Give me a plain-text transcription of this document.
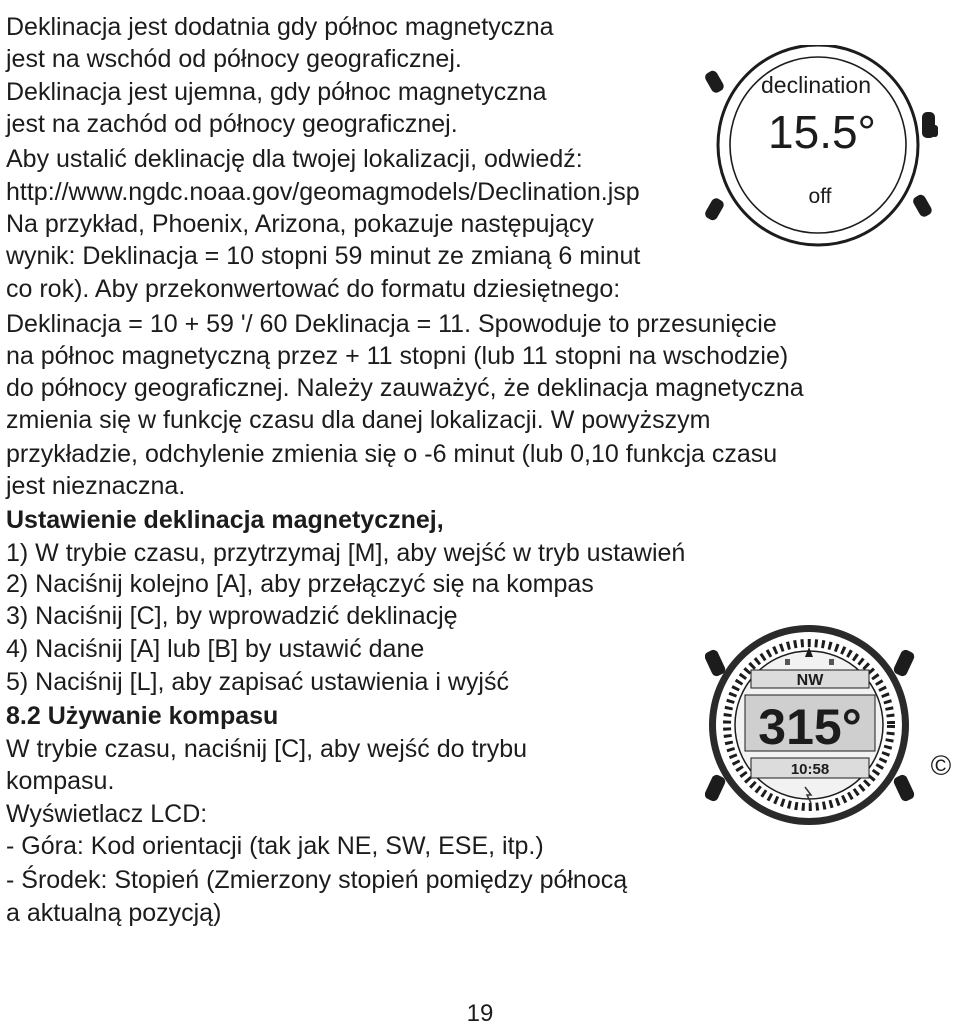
Deklinacja jest dodatnia gdy północ magnetyczna
jest na wschód od północy geograficznej.
Deklinacja jest ujemna, gdy północ magnetyczna
jest na zachód od północy geograficznej.
Aby ustalić deklinację dla twojej lokalizacji, odwiedź:
http://www.ngdc.noaa.gov/geomagmodels/Declination.jsp
Na przykład, Phoenix, Arizona, pokazuje następujący
wynik: Deklinacja = 10 stopni 59 minut ze zmianą 6 minut
co rok). Aby przekonwertować do formatu dziesiętnego:
Deklinacja = 10 + 59 '/ 60 Deklinacja = 11. Spowoduje to przesunięcie
na północ magnetyczną przez + 11 stopni (lub 11 stopni na wschodzie)
do północy geograficznej. Należy zauważyć, że deklinacja magnetyczna
zmienia się w funkcję czasu dla danej lokalizacji. W powyższym
przykładzie, odchylenie zmienia się o -6 minut (lub 0,10 funkcja czasu
jest nieznaczna.
Ustawienie deklinacja magnetycznej,
1) W trybie czasu, przytrzymaj [M], aby wejść w tryb ustawień
2) Naciśnij kolejno [A], aby przełączyć się na kompas
3) Naciśnij [C], by wprowadzić deklinację
4) Naciśnij [A] lub [B] by ustawić dane
5) Naciśnij [L], aby zapisać ustawienia i wyjść
8.2 Używanie kompasu
W trybie czasu, naciśnij [C], aby wejść do trybu
kompasu.
Wyświetlacz LCD:
- Góra: Kod orientacji (tak jak NE, SW, ESE, itp.)
- Środek: Stopień (Zmierzony stopień pomiędzy północą
a aktualną pozycją)
declination
15.5°
off
NW
315°
10:58	©
19
